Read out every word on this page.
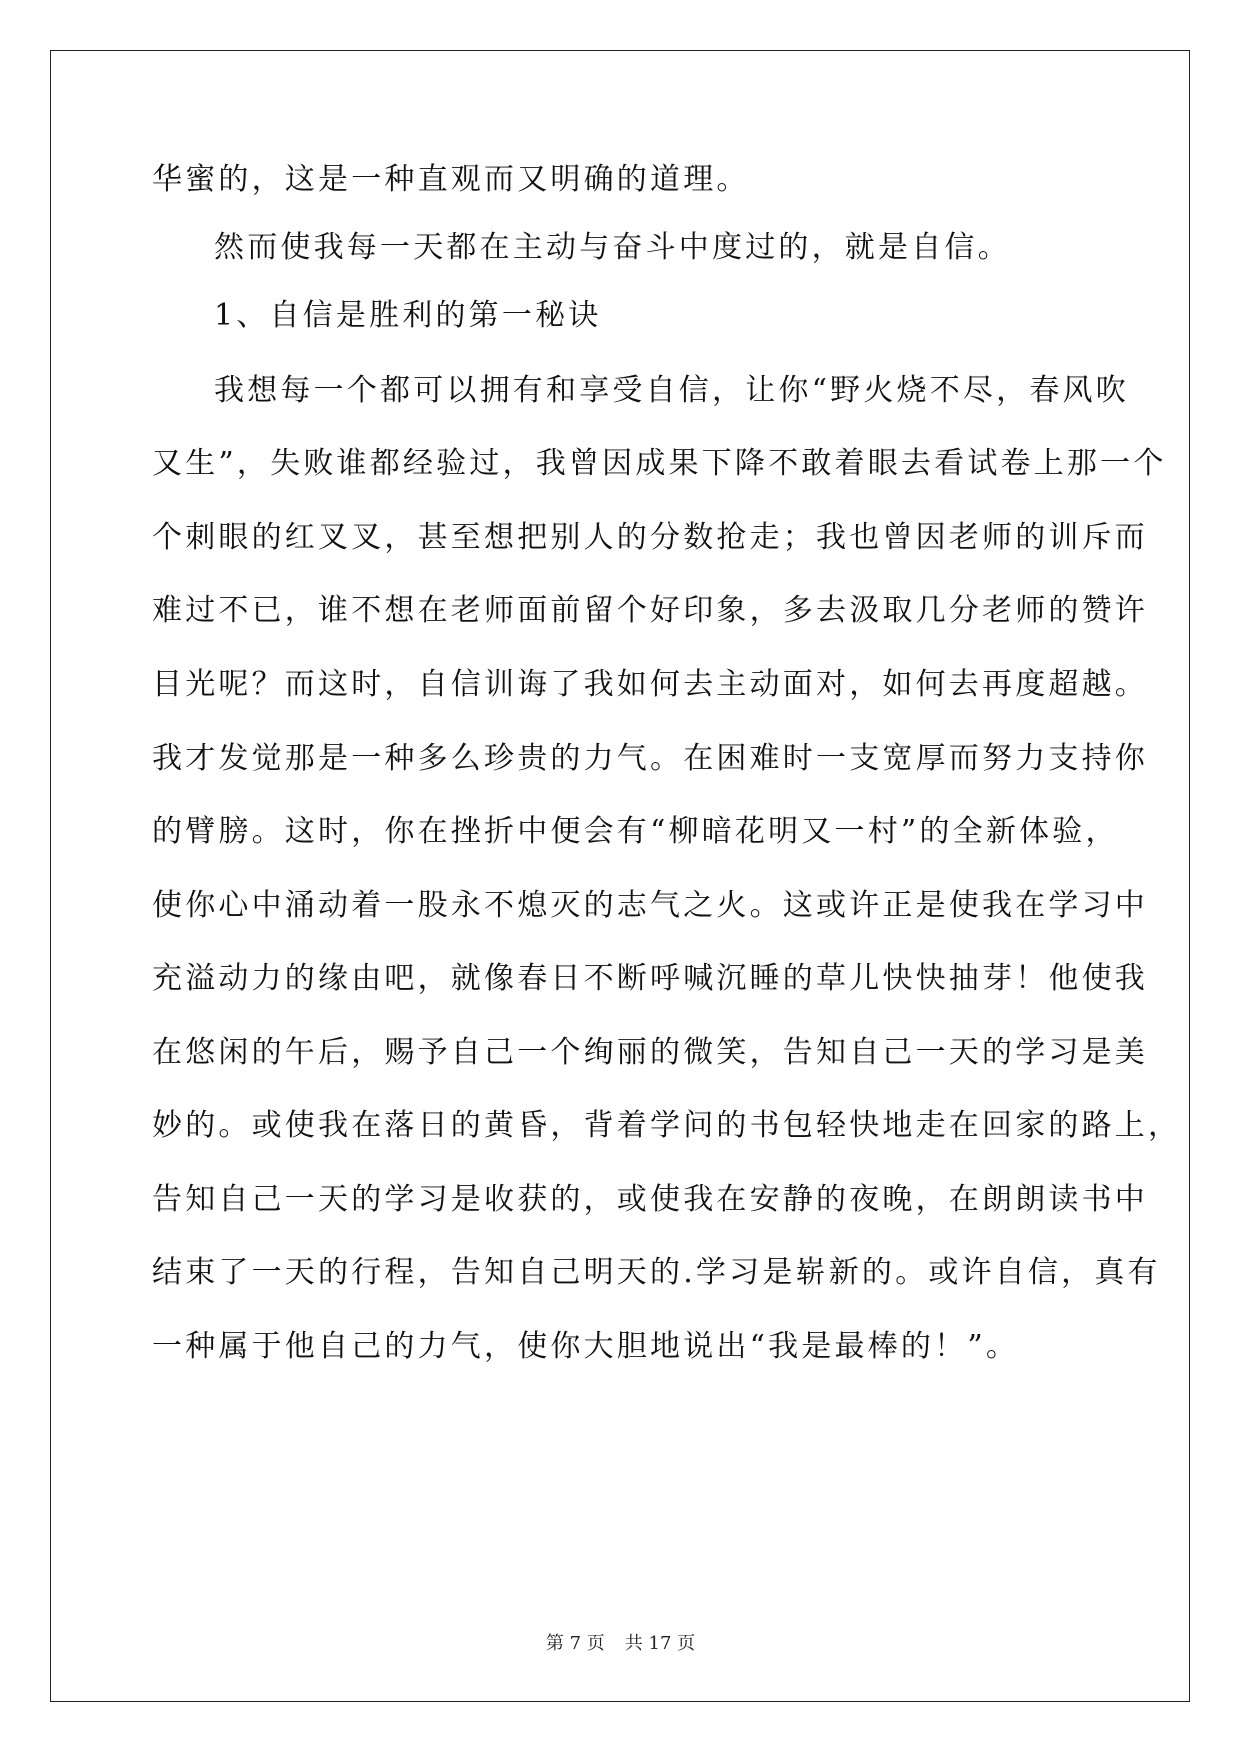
华蜜的，这是一种直观而又明确的道理。
然而使我每一天都在主动与奋斗中度过的，就是自信。
1、自信是胜利的第一秘诀
我想每一个都可以拥有和享受自信，让你“野火烧不尽，春风吹
又生”，失败谁都经验过，我曾因成果下降不敢着眼去看试卷上那一个
个刺眼的红叉叉，甚至想把别人的分数抢走；我也曾因老师的训斥而
难过不已，谁不想在老师面前留个好印象，多去汲取几分老师的赞许
目光呢？而这时，自信训诲了我如何去主动面对，如何去再度超越。
我才发觉那是一种多么珍贵的力气。在困难时一支宽厚而努力支持你
的臂膀。这时，你在挫折中便会有“柳暗花明又一村”的全新体验，
使你心中涌动着一股永不熄灭的志气之火。这或许正是使我在学习中
充溢动力的缘由吧，就像春日不断呼喊沉睡的草儿快快抽芽！他使我
在悠闲的午后，赐予自己一个绚丽的微笑，告知自己一天的学习是美
妙的。或使我在落日的黄昏，背着学问的书包轻快地走在回家的路上，
告知自己一天的学习是收获的，或使我在安静的夜晚，在朗朗读书中
结束了一天的行程，告知自己明天的.学习是崭新的。或许自信，真有
一种属于他自己的力气，使你大胆地说出“我是最棒的！”。
第 7 页 共 17 页
